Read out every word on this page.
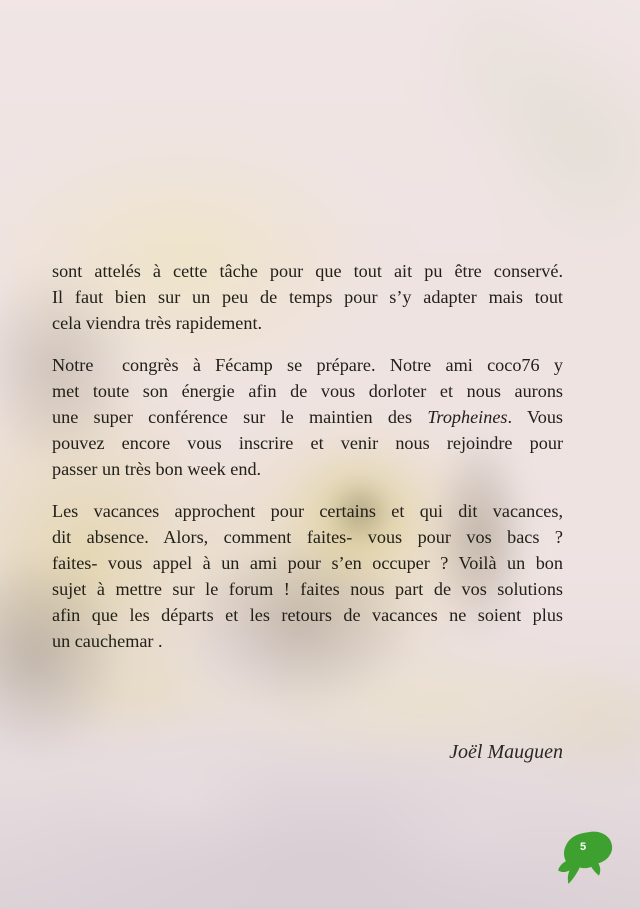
sont attelés à cette tâche pour que tout ait pu être conservé.
Il faut bien sur un peu de temps pour s’y adapter mais tout
cela viendra très rapidement.
Notre  congrès à Fécamp se prépare. Notre ami coco76 y
met toute son énergie afin de vous dorloter et nous aurons
une super conférence sur le maintien des Tropheines. Vous
pouvez encore vous inscrire et venir nous rejoindre pour
passer un très bon week end.
Les vacances approchent pour certains et qui dit vacances,
dit absence. Alors, comment faites- vous pour vos bacs ?
faites- vous appel à un ami pour s’en occuper ? Voilà un bon
sujet à mettre sur le forum ! faites nous part de vos solutions
afin que les départs et les retours de vacances ne soient plus
un cauchemar .
Joël Mauguen
5
